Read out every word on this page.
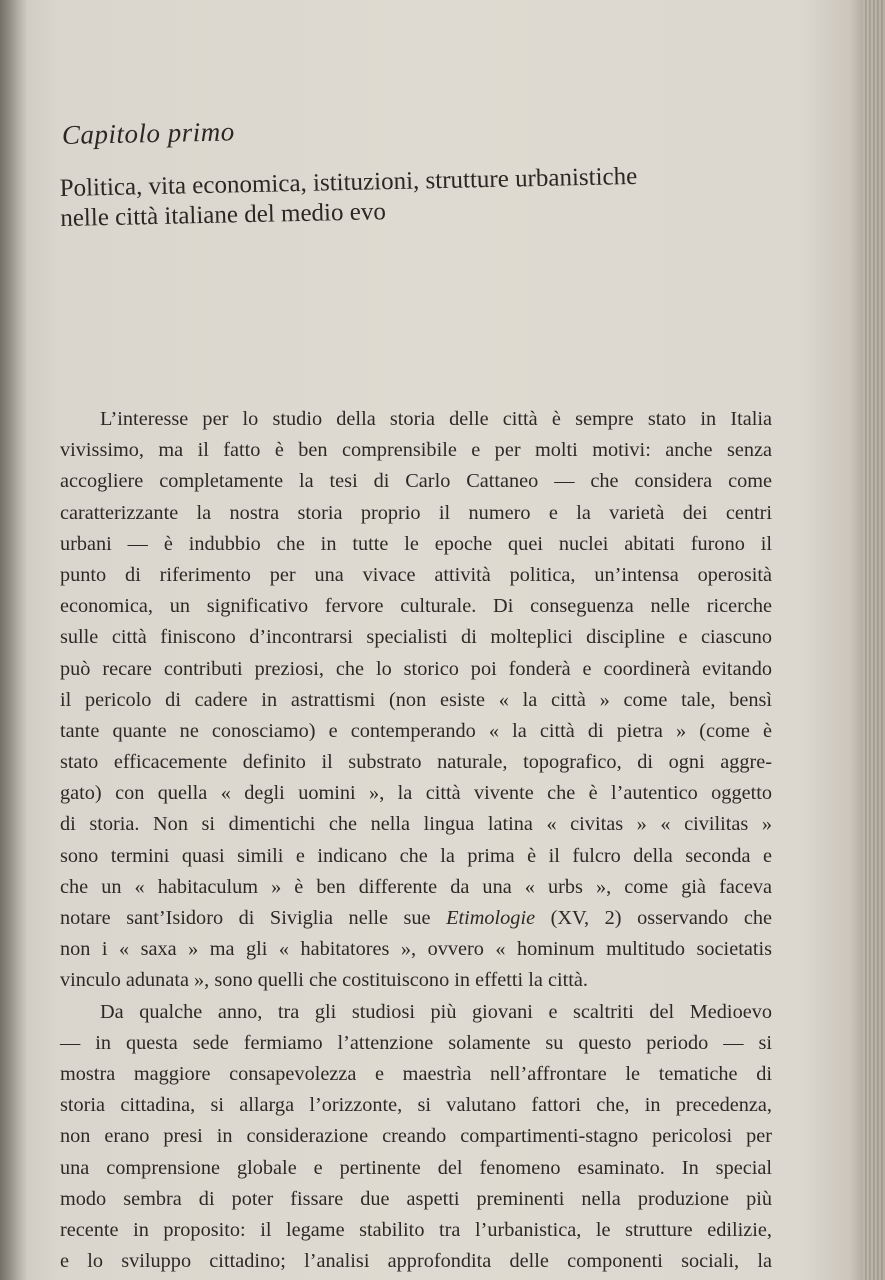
Capitolo primo
Politica, vita economica, istituzioni, strutture urbanistiche
nelle città italiane del medio evo
L’interesse per lo studio della storia delle città è sempre stato in Italia
vivissimo, ma il fatto è ben comprensibile e per molti motivi: anche senza
accogliere completamente la tesi di Carlo Cattaneo — che considera come
caratterizzante la nostra storia proprio il numero e la varietà dei centri
urbani — è indubbio che in tutte le epoche quei nuclei abitati furono il
punto di riferimento per una vivace attività politica, un’intensa operosità
economica, un significativo fervore culturale. Di conseguenza nelle ricerche
sulle città finiscono d’incontrarsi specialisti di molteplici discipline e ciascuno
può recare contributi preziosi, che lo storico poi fonderà e coordinerà evitando
il pericolo di cadere in astrattismi (non esiste « la città » come tale, bensì
tante quante ne conosciamo) e contemperando « la città di pietra » (come è
stato efficacemente definito il substrato naturale, topografico, di ogni aggre-
gato) con quella « degli uomini », la città vivente che è l’autentico oggetto
di storia. Non si dimentichi che nella lingua latina « civitas » « civilitas »
sono termini quasi simili e indicano che la prima è il fulcro della seconda e
che un « habitaculum » è ben differente da una « urbs », come già faceva
notare sant’Isidoro di Siviglia nelle sue Etimologie (XV, 2) osservando che
non i « saxa » ma gli « habitatores », ovvero « hominum multitudo societatis
vinculo adunata », sono quelli che costituiscono in effetti la città.
Da qualche anno, tra gli studiosi più giovani e scaltriti del Medioevo
— in questa sede fermiamo l’attenzione solamente su questo periodo — si
mostra maggiore consapevolezza e maestrìa nell’affrontare le tematiche di
storia cittadina, si allarga l’orizzonte, si valutano fattori che, in precedenza,
non erano presi in considerazione creando compartimenti-stagno pericolosi per
una comprensione globale e pertinente del fenomeno esaminato. In special
modo sembra di poter fissare due aspetti preminenti nella produzione più
recente in proposito: il legame stabilito tra l’urbanistica, le strutture edilizie,
e lo sviluppo cittadino; l’analisi approfondita delle componenti sociali, la
